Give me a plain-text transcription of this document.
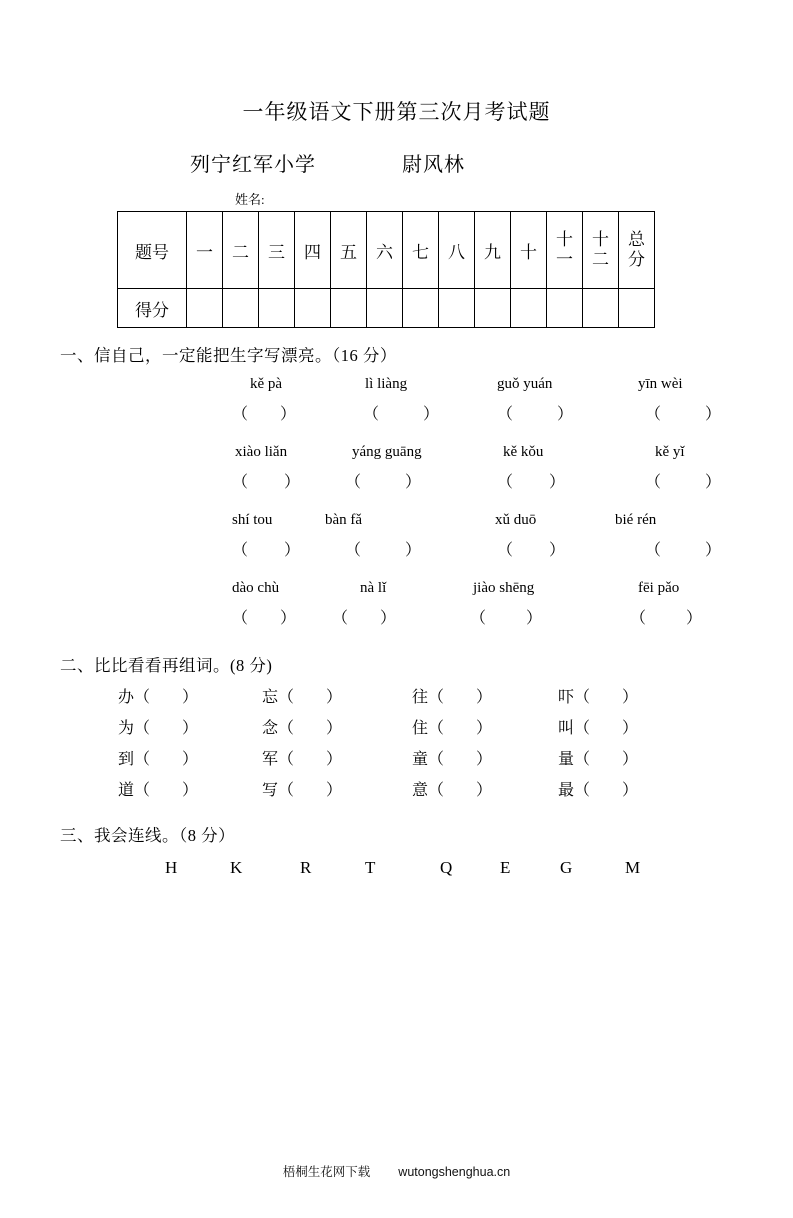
一年级语文下册第三次月考试题
列宁红军小学	尉风林
姓名:
题号	一	二	三	四	五	六	七	八	九	十	十一	十二	总分
得分													
一、信自己，一定能把生字写漂亮。（16 分）
kě pà	lì liàng	guǒ yuán	yīn wèi
（        ）	（           ）	（           ）	（           ）
xiào liǎn	yáng guāng	kě kǒu	kě yǐ
（         ）	（           ）	（         ）	（           ）
shí tou	bàn fǎ	xǔ duō	bié rén
（         ）	（           ）	（         ）	（           ）
dào chù	nà lǐ	jiào shēng	fēi pǎo
（        ） （        ）	（          ）	（          ）
二、比比看看再组词。(8 分)
办（        ）	忘（        ）	往（        ）	吓（        ）
为（        ）	念（        ）	住（        ）	叫（        ）
到（        ）	军（        ）	童（        ）	量（        ）
道（        ）	写（        ）	意（        ）	最（        ）
三、我会连线。（8 分）
H	K	R	T	Q	E	G	M
梧桐生花网下载 wutongshenghua.cn
